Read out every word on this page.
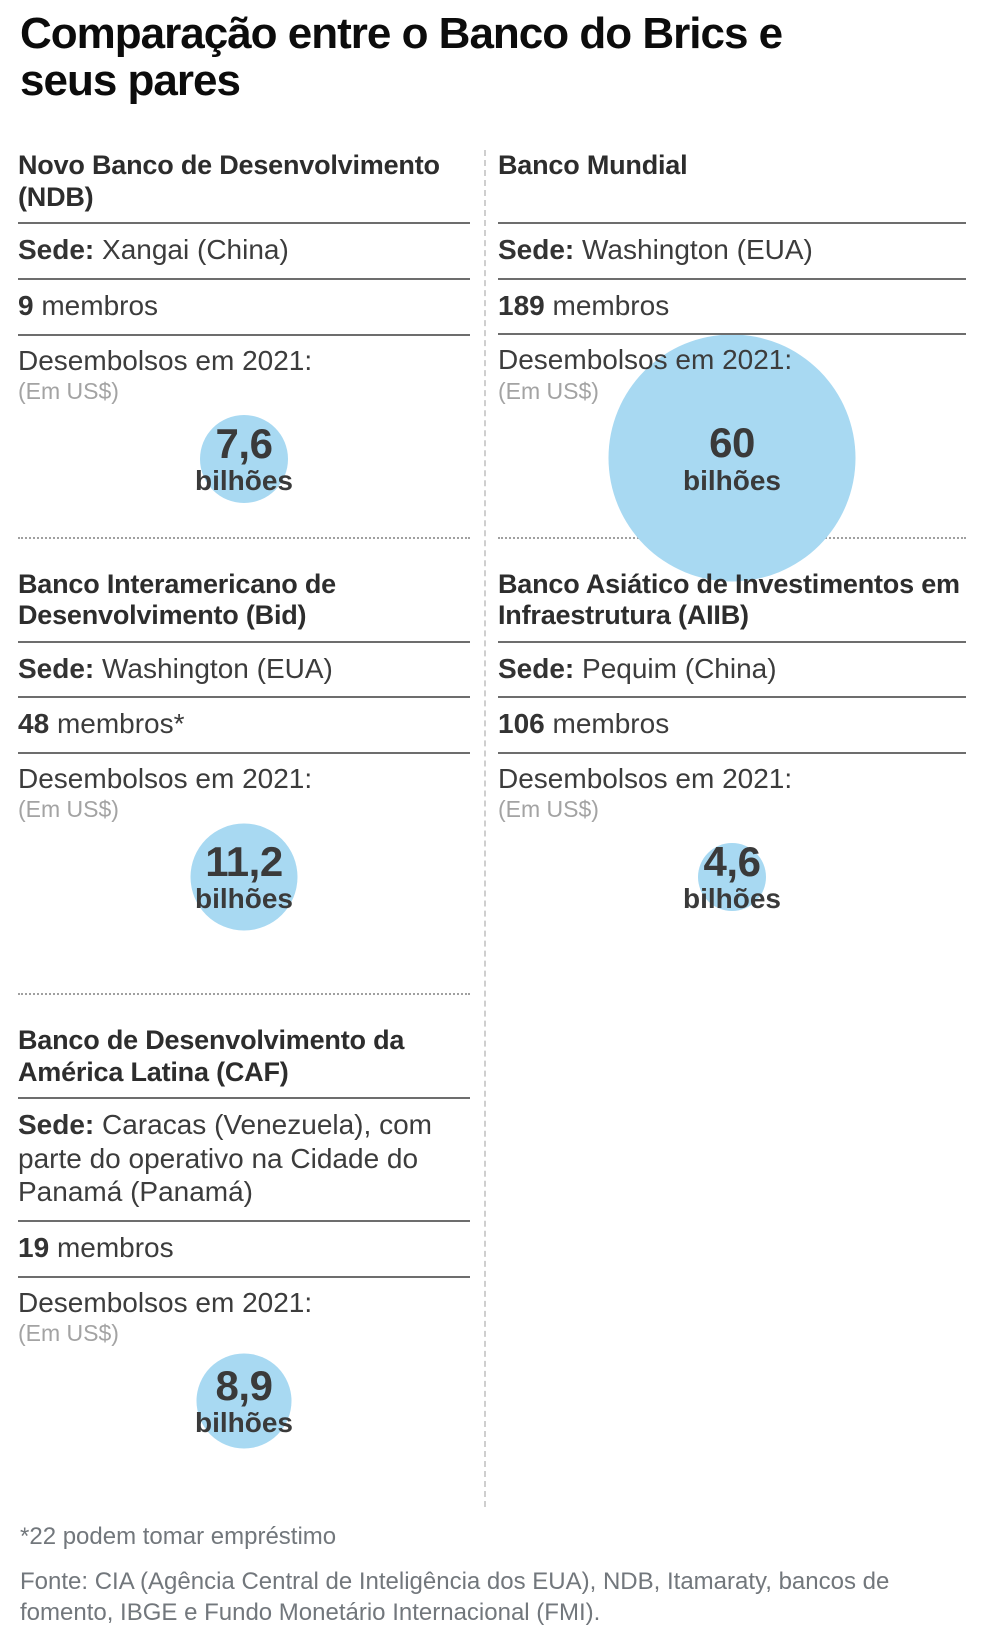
Comparação entre o Banco do Brics e seus pares
Novo Banco de Desenvolvimento (NDB)
Sede: Xangai (China)
9 membros
Desembolsos em 2021:
(Em US$)
7,6
bilhões
Banco Mundial
Sede: Washington (EUA)
189 membros
Desembolsos em 2021:
(Em US$)
60
bilhões
Banco Interamericano de Desenvolvimento (Bid)
Sede: Washington (EUA)
48 membros*
Desembolsos em 2021:
(Em US$)
11,2
bilhões
Banco Asiático de Investimentos em Infraestrutura (AIIB)
Sede: Pequim (China)
106 membros
Desembolsos em 2021:
(Em US$)
4,6
bilhões
Banco de Desenvolvimento da América Latina (CAF)
Sede: Caracas (Venezuela), com parte do operativo na Cidade do Panamá (Panamá)
19 membros
Desembolsos em 2021:
(Em US$)
8,9
bilhões

*22 podem tomar empréstimo

Fonte: CIA (Agência Central de Inteligência dos EUA), NDB, Itamaraty, bancos de fomento, IBGE e Fundo Monetário Internacional (FMI).
